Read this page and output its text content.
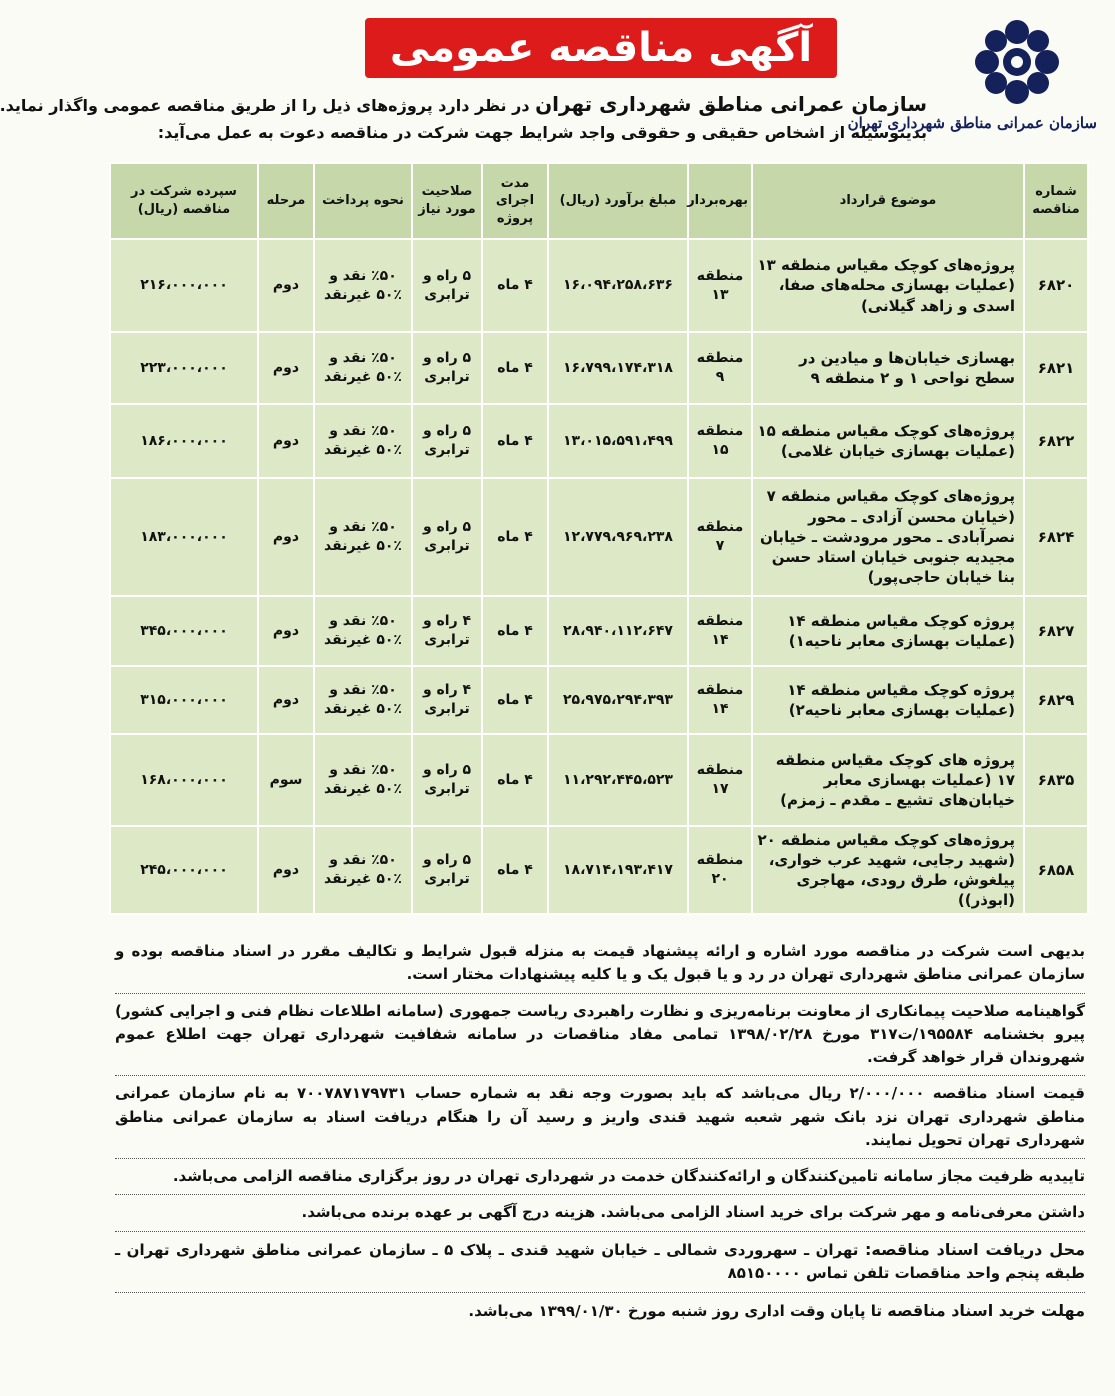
سازمان عمرانی مناطق شهرداری تهران
آگهی مناقصه عمومی
سازمان عمرانی مناطق شهرداری تهران در نظر دارد پروژه‌های ذیل را از طریق مناقصه عمومی واگذار نماید.
بدینوسیله از اشخاص حقیقی و حقوقی واجد شرایط جهت شرکت در مناقصه دعوت به عمل می‌آید:
شماره مناقصه	موضوع قرارداد	بهره‌بردار	مبلغ برآورد (ریال)	مدت اجرای پروژه	صلاحیت مورد نیاز	نحوه پرداخت	مرحله	سپرده شرکت در مناقصه (ریال)
۶۸۲۰	پروژه‌های کوچک مقیاس منطقه ۱۳ (عملیات بهسازی محله‌های صفا، اسدی و زاهد گیلانی)	منطقه ۱۳	۱۶،۰۹۴،۲۵۸،۶۳۶	۴ ماه	۵ راه و ترابری	٪۵۰ نقد و ٪۵۰ غیرنقد	دوم	۲۱۶،۰۰۰،۰۰۰
۶۸۲۱	بهسازی خیابان‌ها و میادین در سطح نواحی ۱ و ۲ منطقه ۹	منطقه ۹	۱۶،۷۹۹،۱۷۴،۳۱۸	۴ ماه	۵ راه و ترابری	٪۵۰ نقد و ٪۵۰ غیرنقد	دوم	۲۲۳،۰۰۰،۰۰۰
۶۸۲۲	پروژه‌های کوچک مقیاس منطقه ۱۵ (عملیات بهسازی خیابان غلامی)	منطقه ۱۵	۱۳،۰۱۵،۵۹۱،۴۹۹	۴ ماه	۵ راه و ترابری	٪۵۰ نقد و ٪۵۰ غیرنقد	دوم	۱۸۶،۰۰۰،۰۰۰
۶۸۲۴	پروژه‌های کوچک مقیاس منطقه ۷ (خیابان محسن آزادی ـ محور نصرآبادی ـ محور مرودشت ـ خیابان مجیدیه جنوبی خیابان استاد حسن بنا خیابان حاجی‌پور)	منطقه ۷	۱۲،۷۷۹،۹۶۹،۲۳۸	۴ ماه	۵ راه و ترابری	٪۵۰ نقد و ٪۵۰ غیرنقد	دوم	۱۸۳،۰۰۰،۰۰۰
۶۸۲۷	پروژه کوچک مقیاس منطقه ۱۴ (عملیات بهسازی معابر ناحیه۱)	منطقه ۱۴	۲۸،۹۴۰،۱۱۲،۶۴۷	۴ ماه	۴ راه و ترابری	٪۵۰ نقد و ٪۵۰ غیرنقد	دوم	۳۴۵،۰۰۰،۰۰۰
۶۸۲۹	پروژه کوچک مقیاس منطقه ۱۴ (عملیات بهسازی معابر ناحیه۲)	منطقه ۱۴	۲۵،۹۷۵،۲۹۴،۳۹۳	۴ ماه	۴ راه و ترابری	٪۵۰ نقد و ٪۵۰ غیرنقد	دوم	۳۱۵،۰۰۰،۰۰۰
۶۸۳۵	پروژه های کوچک مقیاس منطقه ۱۷ (عملیات بهسازی معابر خیابان‌های تشیع ـ مقدم ـ زمزم)	منطقه ۱۷	۱۱،۲۹۲،۴۴۵،۵۲۳	۴ ماه	۵ راه و ترابری	٪۵۰ نقد و ٪۵۰ غیرنقد	سوم	۱۶۸،۰۰۰،۰۰۰
۶۸۵۸	پروژه‌های کوچک مقیاس منطقه ۲۰ (شهید رجایی، شهید عرب خواری، پیلغوش، طرق رودی، مهاجری (ابوذر))	منطقه ۲۰	۱۸،۷۱۴،۱۹۳،۴۱۷	۴ ماه	۵ راه و ترابری	٪۵۰ نقد و ٪۵۰ غیرنقد	دوم	۲۴۵،۰۰۰،۰۰۰

بدیهی است شرکت در مناقصه مورد اشاره و ارائه پیشنهاد قیمت به منزله قبول شرایط و تکالیف مقرر در اسناد مناقصه بوده و سازمان عمرانی مناطق شهرداری تهران در رد و یا قبول یک و یا کلیه پیشنهادات مختار است.

گواهینامه صلاحیت پیمانکاری از معاونت برنامه‌ریزی و نظارت راهبردی ریاست جمهوری (سامانه اطلاعات نظام فنی و اجرایی کشور) پیرو بخشنامه ۱۹۵۵۸۴/ت۳۱۷ مورخ ۱۳۹۸/۰۲/۲۸ تمامی مفاد مناقصات در سامانه شفافیت شهرداری تهران جهت اطلاع عموم شهروندان قرار خواهد گرفت.

قیمت اسناد مناقصه ۲/۰۰۰/۰۰۰ ریال می‌باشد که باید بصورت وجه نقد به شماره حساب ۷۰۰۷۸۷۱۷۹۷۳۱ به نام سازمان عمرانی مناطق شهرداری تهران نزد بانک شهر شعبه شهید قندی واریز و رسید آن را هنگام دریافت اسناد به سازمان عمرانی مناطق شهرداری تهران تحویل نمایند.

تاییدیه ظرفیت مجاز سامانه تامین‌کنندگان و ارائه‌کنندگان خدمت در شهرداری تهران در روز برگزاری مناقصه الزامی می‌باشد.

داشتن معرفی‌نامه و مهر شرکت برای خرید اسناد الزامی می‌باشد. هزینه درج آگهی بر عهده برنده می‌باشد.

محل دریافت اسناد مناقصه: تهران ـ سهروردی شمالی ـ خیابان شهید قندی ـ پلاک ۵ ـ سازمان عمرانی مناطق شهرداری تهران ـ طبقه پنجم واحد مناقصات تلفن تماس ۸۵۱۵۰۰۰۰

مهلت خرید اسناد مناقصه تا پایان وقت اداری روز شنبه مورخ ۱۳۹۹/۰۱/۳۰ می‌باشد.
